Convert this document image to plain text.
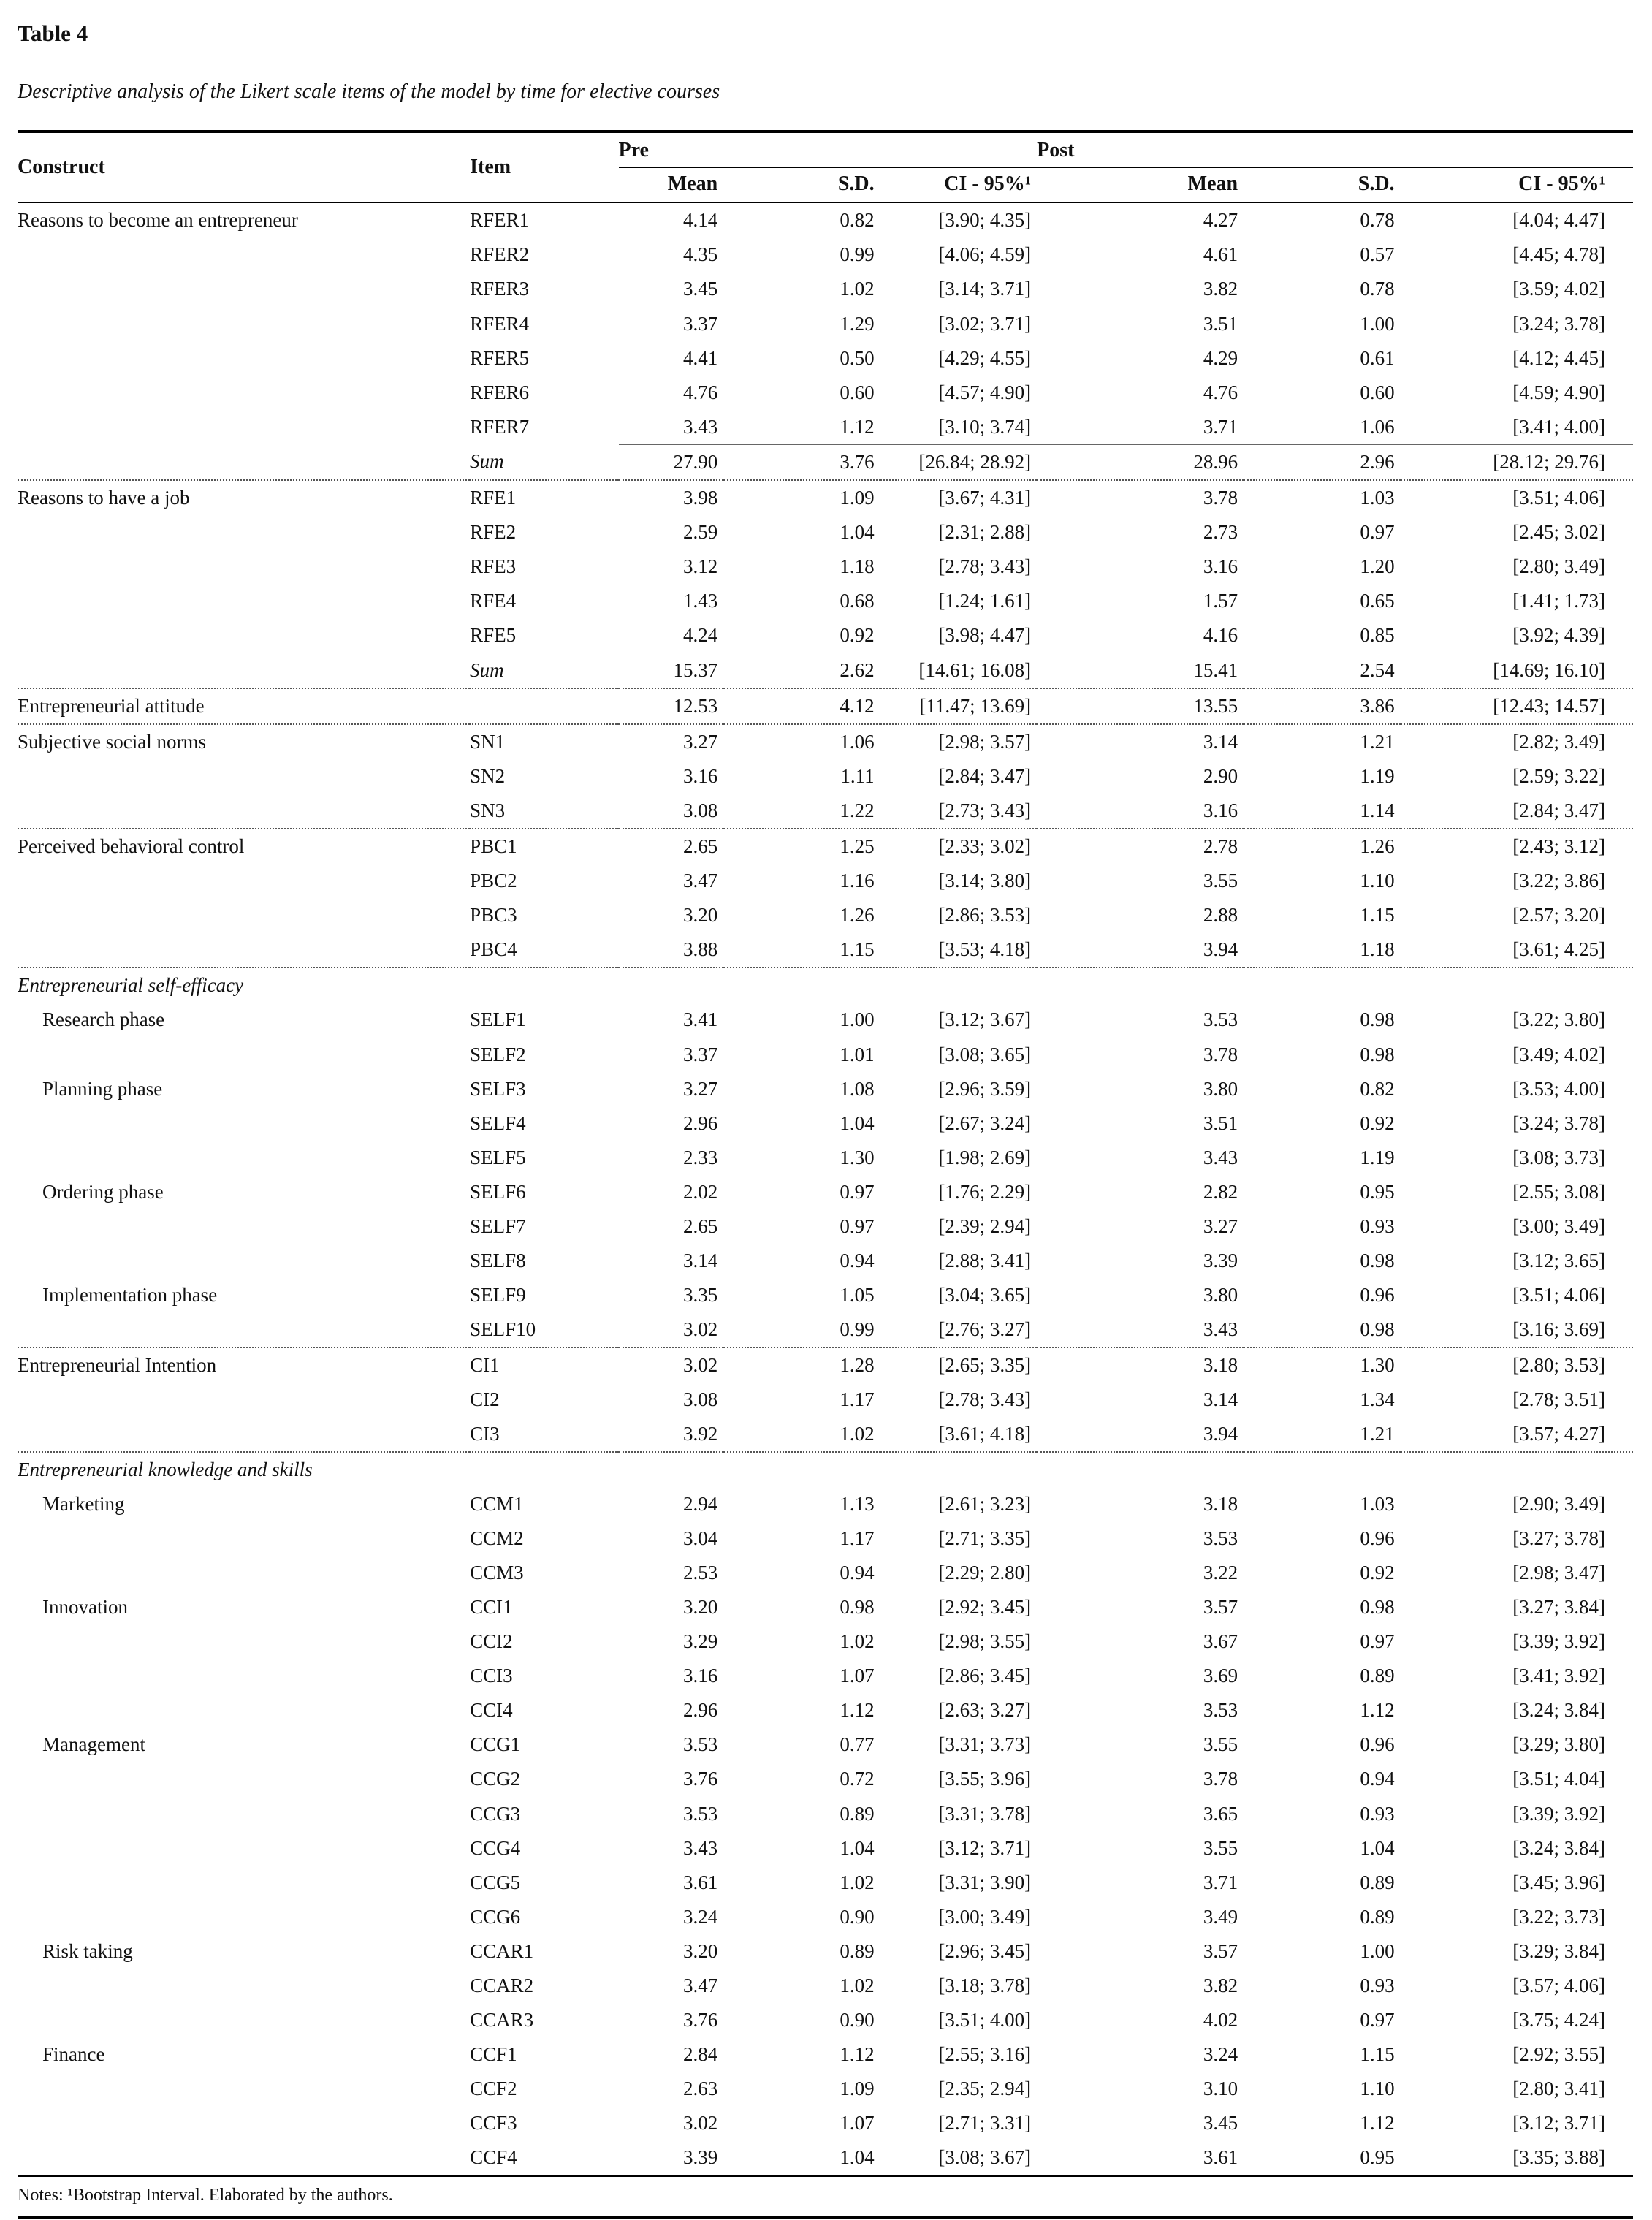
Table 4
Descriptive analysis of the Likert scale items of the model by time for elective courses
Construct	Item	Pre			Post		
		Mean	S.D.	CI - 95%¹	Mean	S.D.	CI - 95%¹
Reasons to become an entrepreneur	RFER1	4.14	0.82	[3.90; 4.35]	4.27	0.78	[4.04; 4.47]
	RFER2	4.35	0.99	[4.06; 4.59]	4.61	0.57	[4.45; 4.78]
	RFER3	3.45	1.02	[3.14; 3.71]	3.82	0.78	[3.59; 4.02]
	RFER4	3.37	1.29	[3.02; 3.71]	3.51	1.00	[3.24; 3.78]
	RFER5	4.41	0.50	[4.29; 4.55]	4.29	0.61	[4.12; 4.45]
	RFER6	4.76	0.60	[4.57; 4.90]	4.76	0.60	[4.59; 4.90]
	RFER7	3.43	1.12	[3.10; 3.74]	3.71	1.06	[3.41; 4.00]
	Sum	27.90	3.76	[26.84; 28.92]	28.96	2.96	[28.12; 29.76]
Reasons to have a job	RFE1	3.98	1.09	[3.67; 4.31]	3.78	1.03	[3.51; 4.06]
	RFE2	2.59	1.04	[2.31; 2.88]	2.73	0.97	[2.45; 3.02]
	RFE3	3.12	1.18	[2.78; 3.43]	3.16	1.20	[2.80; 3.49]
	RFE4	1.43	0.68	[1.24; 1.61]	1.57	0.65	[1.41; 1.73]
	RFE5	4.24	0.92	[3.98; 4.47]	4.16	0.85	[3.92; 4.39]
	Sum	15.37	2.62	[14.61; 16.08]	15.41	2.54	[14.69; 16.10]
Entrepreneurial attitude		12.53	4.12	[11.47; 13.69]	13.55	3.86	[12.43; 14.57]
Subjective social norms	SN1	3.27	1.06	[2.98; 3.57]	3.14	1.21	[2.82; 3.49]
	SN2	3.16	1.11	[2.84; 3.47]	2.90	1.19	[2.59; 3.22]
	SN3	3.08	1.22	[2.73; 3.43]	3.16	1.14	[2.84; 3.47]
Perceived behavioral control	PBC1	2.65	1.25	[2.33; 3.02]	2.78	1.26	[2.43; 3.12]
	PBC2	3.47	1.16	[3.14; 3.80]	3.55	1.10	[3.22; 3.86]
	PBC3	3.20	1.26	[2.86; 3.53]	2.88	1.15	[2.57; 3.20]
	PBC4	3.88	1.15	[3.53; 4.18]	3.94	1.18	[3.61; 4.25]
Entrepreneurial self-efficacy							
Research phase	SELF1	3.41	1.00	[3.12; 3.67]	3.53	0.98	[3.22; 3.80]
	SELF2	3.37	1.01	[3.08; 3.65]	3.78	0.98	[3.49; 4.02]
Planning phase	SELF3	3.27	1.08	[2.96; 3.59]	3.80	0.82	[3.53; 4.00]
	SELF4	2.96	1.04	[2.67; 3.24]	3.51	0.92	[3.24; 3.78]
	SELF5	2.33	1.30	[1.98; 2.69]	3.43	1.19	[3.08; 3.73]
Ordering phase	SELF6	2.02	0.97	[1.76; 2.29]	2.82	0.95	[2.55; 3.08]
	SELF7	2.65	0.97	[2.39; 2.94]	3.27	0.93	[3.00; 3.49]
	SELF8	3.14	0.94	[2.88; 3.41]	3.39	0.98	[3.12; 3.65]
Implementation phase	SELF9	3.35	1.05	[3.04; 3.65]	3.80	0.96	[3.51; 4.06]
	SELF10	3.02	0.99	[2.76; 3.27]	3.43	0.98	[3.16; 3.69]
Entrepreneurial Intention	CI1	3.02	1.28	[2.65; 3.35]	3.18	1.30	[2.80; 3.53]
	CI2	3.08	1.17	[2.78; 3.43]	3.14	1.34	[2.78; 3.51]
	CI3	3.92	1.02	[3.61; 4.18]	3.94	1.21	[3.57; 4.27]
Entrepreneurial knowledge and skills							
Marketing	CCM1	2.94	1.13	[2.61; 3.23]	3.18	1.03	[2.90; 3.49]
	CCM2	3.04	1.17	[2.71; 3.35]	3.53	0.96	[3.27; 3.78]
	CCM3	2.53	0.94	[2.29; 2.80]	3.22	0.92	[2.98; 3.47]
Innovation	CCI1	3.20	0.98	[2.92; 3.45]	3.57	0.98	[3.27; 3.84]
	CCI2	3.29	1.02	[2.98; 3.55]	3.67	0.97	[3.39; 3.92]
	CCI3	3.16	1.07	[2.86; 3.45]	3.69	0.89	[3.41; 3.92]
	CCI4	2.96	1.12	[2.63; 3.27]	3.53	1.12	[3.24; 3.84]
Management	CCG1	3.53	0.77	[3.31; 3.73]	3.55	0.96	[3.29; 3.80]
	CCG2	3.76	0.72	[3.55; 3.96]	3.78	0.94	[3.51; 4.04]
	CCG3	3.53	0.89	[3.31; 3.78]	3.65	0.93	[3.39; 3.92]
	CCG4	3.43	1.04	[3.12; 3.71]	3.55	1.04	[3.24; 3.84]
	CCG5	3.61	1.02	[3.31; 3.90]	3.71	0.89	[3.45; 3.96]
	CCG6	3.24	0.90	[3.00; 3.49]	3.49	0.89	[3.22; 3.73]
Risk taking	CCAR1	3.20	0.89	[2.96; 3.45]	3.57	1.00	[3.29; 3.84]
	CCAR2	3.47	1.02	[3.18; 3.78]	3.82	0.93	[3.57; 4.06]
	CCAR3	3.76	0.90	[3.51; 4.00]	4.02	0.97	[3.75; 4.24]
Finance	CCF1	2.84	1.12	[2.55; 3.16]	3.24	1.15	[2.92; 3.55]
	CCF2	2.63	1.09	[2.35; 2.94]	3.10	1.10	[2.80; 3.41]
	CCF3	3.02	1.07	[2.71; 3.31]	3.45	1.12	[3.12; 3.71]
	CCF4	3.39	1.04	[3.08; 3.67]	3.61	0.95	[3.35; 3.88]
Notes: ¹Bootstrap Interval. Elaborated by the authors.
